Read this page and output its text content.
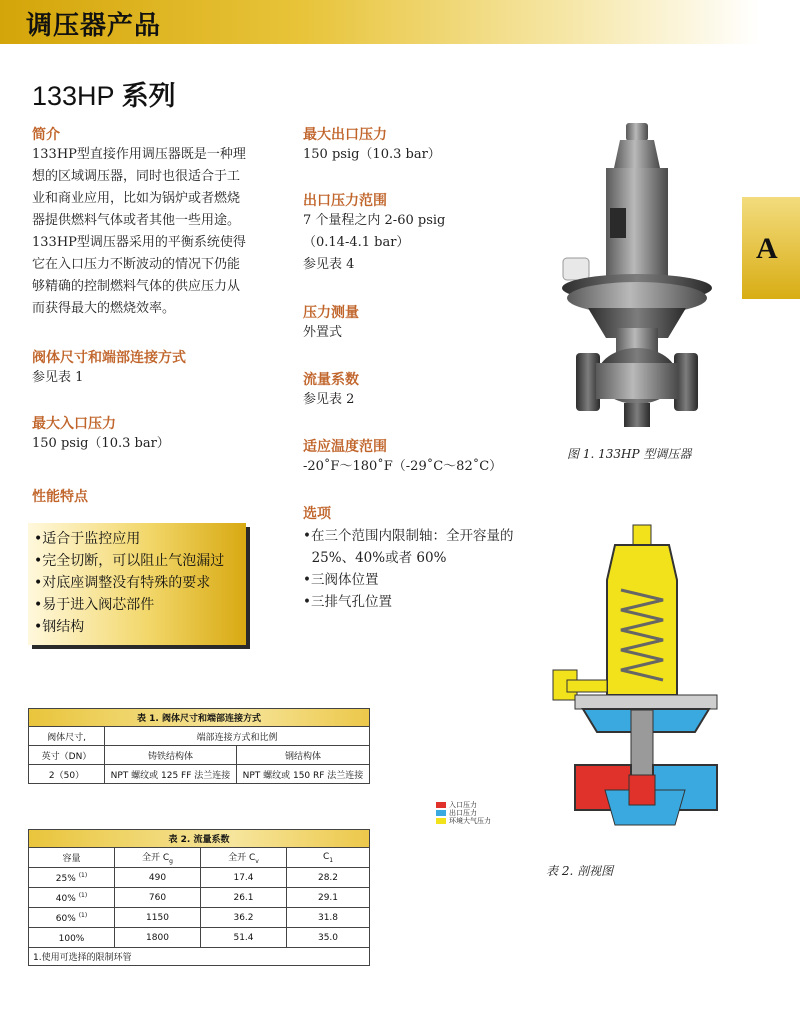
调压器产品
133HP 系列
简介
133HP型直接作用调压器既是一种理
想的区域调压器，同时也很适合于工
业和商业应用，比如为锅炉或者燃烧
器提供燃料气体或者其他一些用途。
133HP型调压器采用的平衡系统使得
它在入口压力不断波动的情况下仍能
够精确的控制燃料气体的供应压力从
而获得最大的燃烧效率。
阀体尺寸和端部连接方式
参见表 1
最大入口压力
150 psig（10.3 bar）
性能特点
•适合于监控应用
•完全切断，可以阻止气泡漏过
•对底座调整没有特殊的要求
•易于进入阀芯部件
•钢结构
最大出口压力
150 psig（10.3 bar）
出口压力范围
7 个量程之内 2-60 psig
（0.14-4.1 bar）
参见表 4
压力测量
外置式
流量系数
参见表 2
适应温度范围
-20˚F～180˚F（-29˚C～82˚C）
选项
•在三个范围内限制轴：全开容量的
25%、40%或者 60%
•三阀体位置
•三排气孔位置
A
图 1. 133HP 型调压器
入口压力
出口压力
环境大气压力
表 2. 剖视图
表 1. 阀体尺寸和端部连接方式		
阀体尺寸,	端部连接方式和比例	
英寸（DN）	铸铁结构体	钢结构体
2（50）	NPT 螺纹或 125 FF 法兰连接	NPT 螺纹或 150 RF 法兰连接
表 2. 流量系数			
容量	全开 $C_g$	全开 $C_v$	$C_1$
25% $^{(1)}$	490	17.4	28.2
40% $^{(1)}$	760	26.1	29.1
60% $^{(1)}$	1150	36.2	31.8
100%	1800	51.4	35.0
1.使用可选择的限制环管			
